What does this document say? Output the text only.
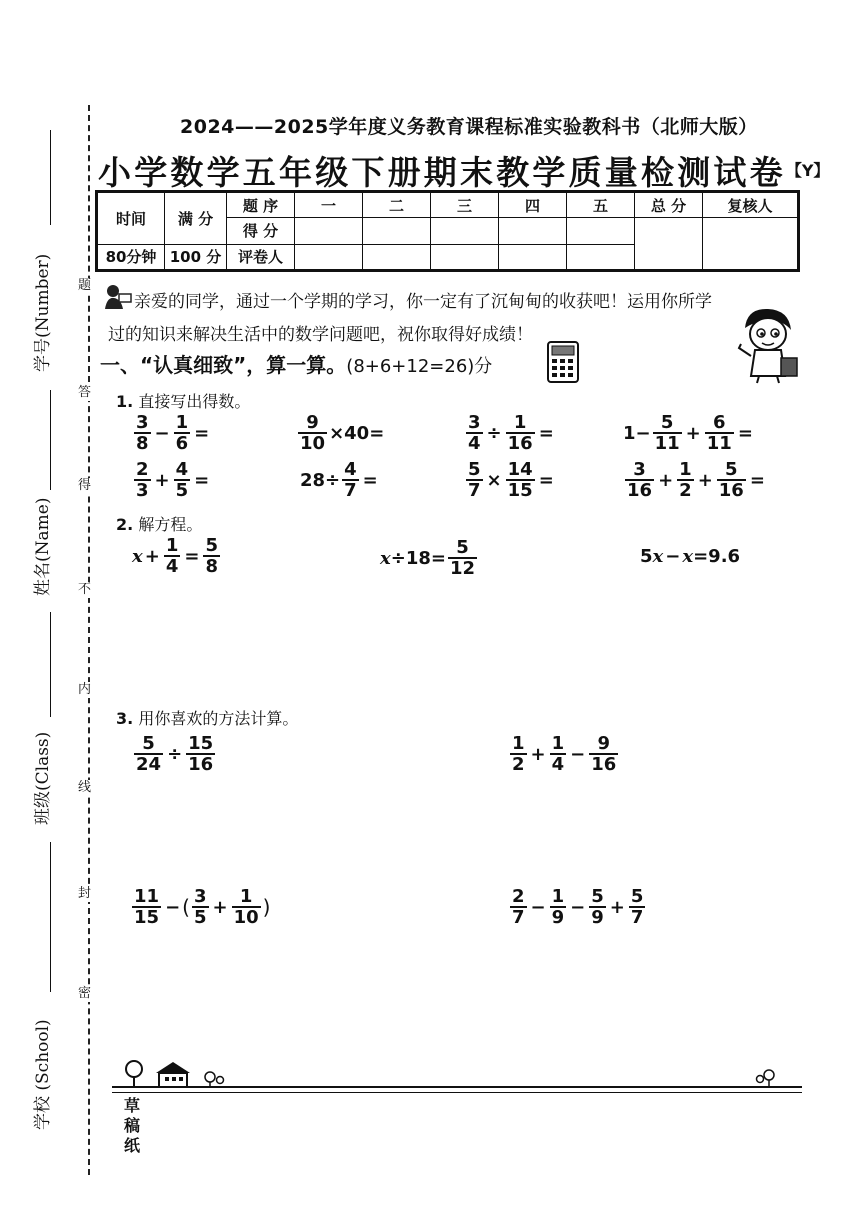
学号(Number)
姓名(Name)
班级(Class)
学校 (School)
题
答
得
不
内
线
封
密
2024——2025学年度义务教育课程标准实验教科书（北师大版）
小学数学五年级下册期末教学质量检测试卷$^{【Y】}$
时间	满 分	题 序	一	二	三	四	五	总 分	复核人
		得 分							
80分钟	100 分	评卷人							
亲爱的同学，通过一个学期的学习，你一定有了沉甸甸的收获吧！运用你所学
过的知识来解决生活中的数学问题吧，祝你取得好成绩！
一、“认真细致”，算一算。(8+6+12=26)分
1. 直接写出得数。
$\frac{3}{8} - \frac{1}{6}$ =	$\frac{9}{10} \times 40=$	$\frac{3}{4} \div \frac{1}{16}$ =	$1- \frac{5}{11} + \frac{6}{11}$ =
$\frac{2}{3} + \frac{4}{5}$ =	$28\div \frac{4}{7}$ =	$\frac{5}{7} \times \frac{14}{15}$ =	$\frac{3}{16} + \frac{1}{2} + \frac{5}{16}$ =
2. 解方程。
$x + \frac{1}{4} = \frac{5}{8}$	$x \div 18= \frac{5}{12}$	5 x − x =9.6
3. 用你喜欢的方法计算。
$\frac{5}{24} \div \frac{15}{16}$	$\frac{1}{2} + \frac{1}{4} - \frac{9}{16}$
$\frac{11}{15}$ − ( $\frac{3}{5} + \frac{1}{10}$ )	$\frac{2}{7} - \frac{1}{9} - \frac{5}{9} + \frac{5}{7}$
草稿纸
